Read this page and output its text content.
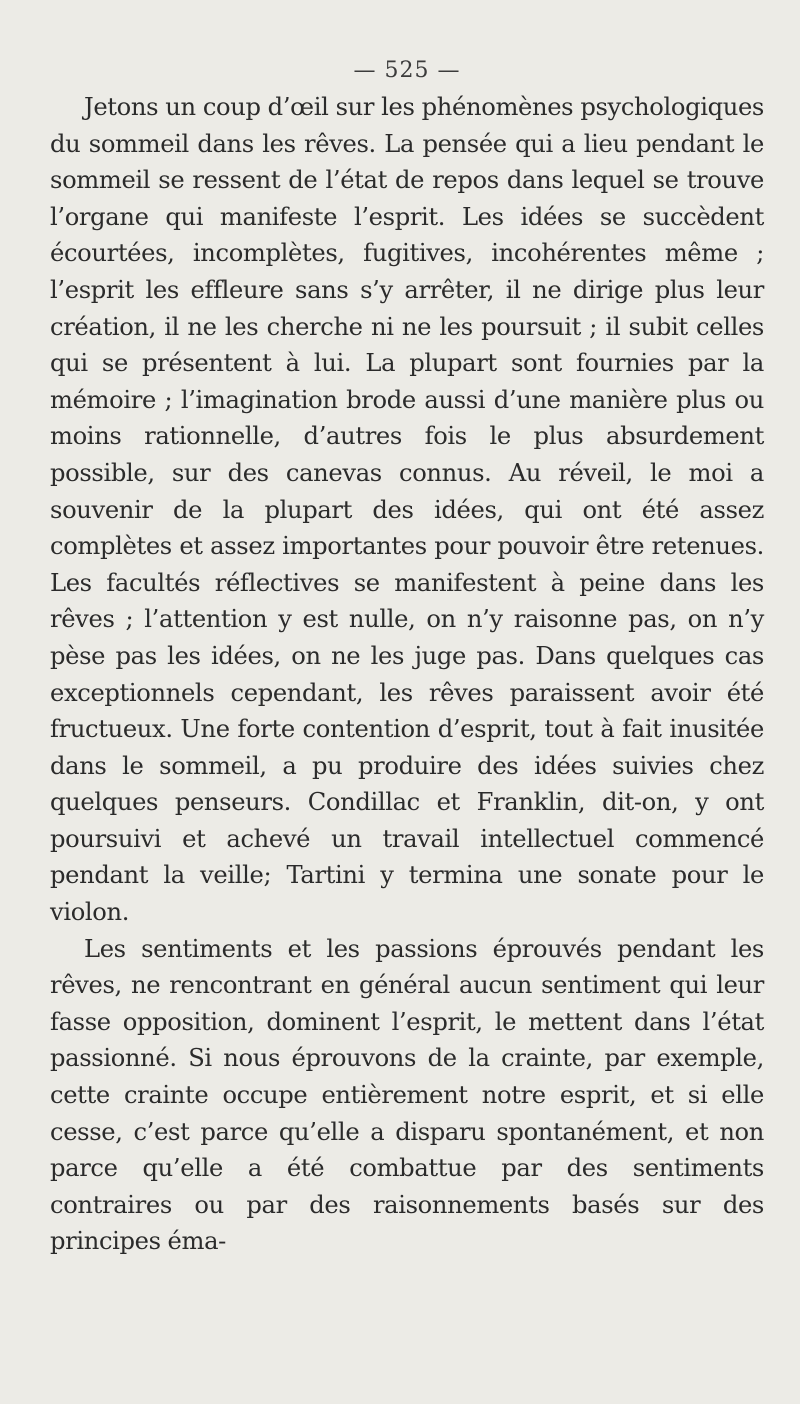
— 525 —

Jetons un coup d’œil sur les phénomènes psychologiques du sommeil dans les rêves. La pensée qui a lieu pendant le sommeil se ressent de l’état de repos dans lequel se trouve l’organe qui manifeste l’esprit. Les idées se succèdent écourtées, incomplètes, fugitives, incohérentes même ; l’esprit les effleure sans s’y arrêter, il ne dirige plus leur création, il ne les cherche ni ne les poursuit ; il subit celles qui se présentent à lui. La plupart sont fournies par la mémoire ; l’imagination brode aussi d’une manière plus ou moins rationnelle, d’autres fois le plus absurdement possible, sur des canevas connus. Au réveil, le moi a souvenir de la plupart des idées, qui ont été assez complètes et assez importantes pour pouvoir être retenues. Les facultés réflectives se manifestent à peine dans les rêves ; l’attention y est nulle, on n’y raisonne pas, on n’y pèse pas les idées, on ne les juge pas. Dans quelques cas exceptionnels cependant, les rêves paraissent avoir été fructueux. Une forte contention d’esprit, tout à fait inusitée dans le sommeil, a pu produire des idées suivies chez quelques penseurs. Condillac et Franklin, dit-on, y ont poursuivi et achevé un travail intellectuel commencé pendant la veille; Tartini y termina une sonate pour le violon.

Les sentiments et les passions éprouvés pendant les rêves, ne rencontrant en général aucun sentiment qui leur fasse opposition, dominent l’esprit, le mettent dans l’état passionné. Si nous éprouvons de la crainte, par exemple, cette crainte occupe entièrement notre esprit, et si elle cesse, c’est parce qu’elle a disparu spontanément, et non parce qu’elle a été combattue par des sentiments contraires ou par des raisonnements basés sur des principes éma-
